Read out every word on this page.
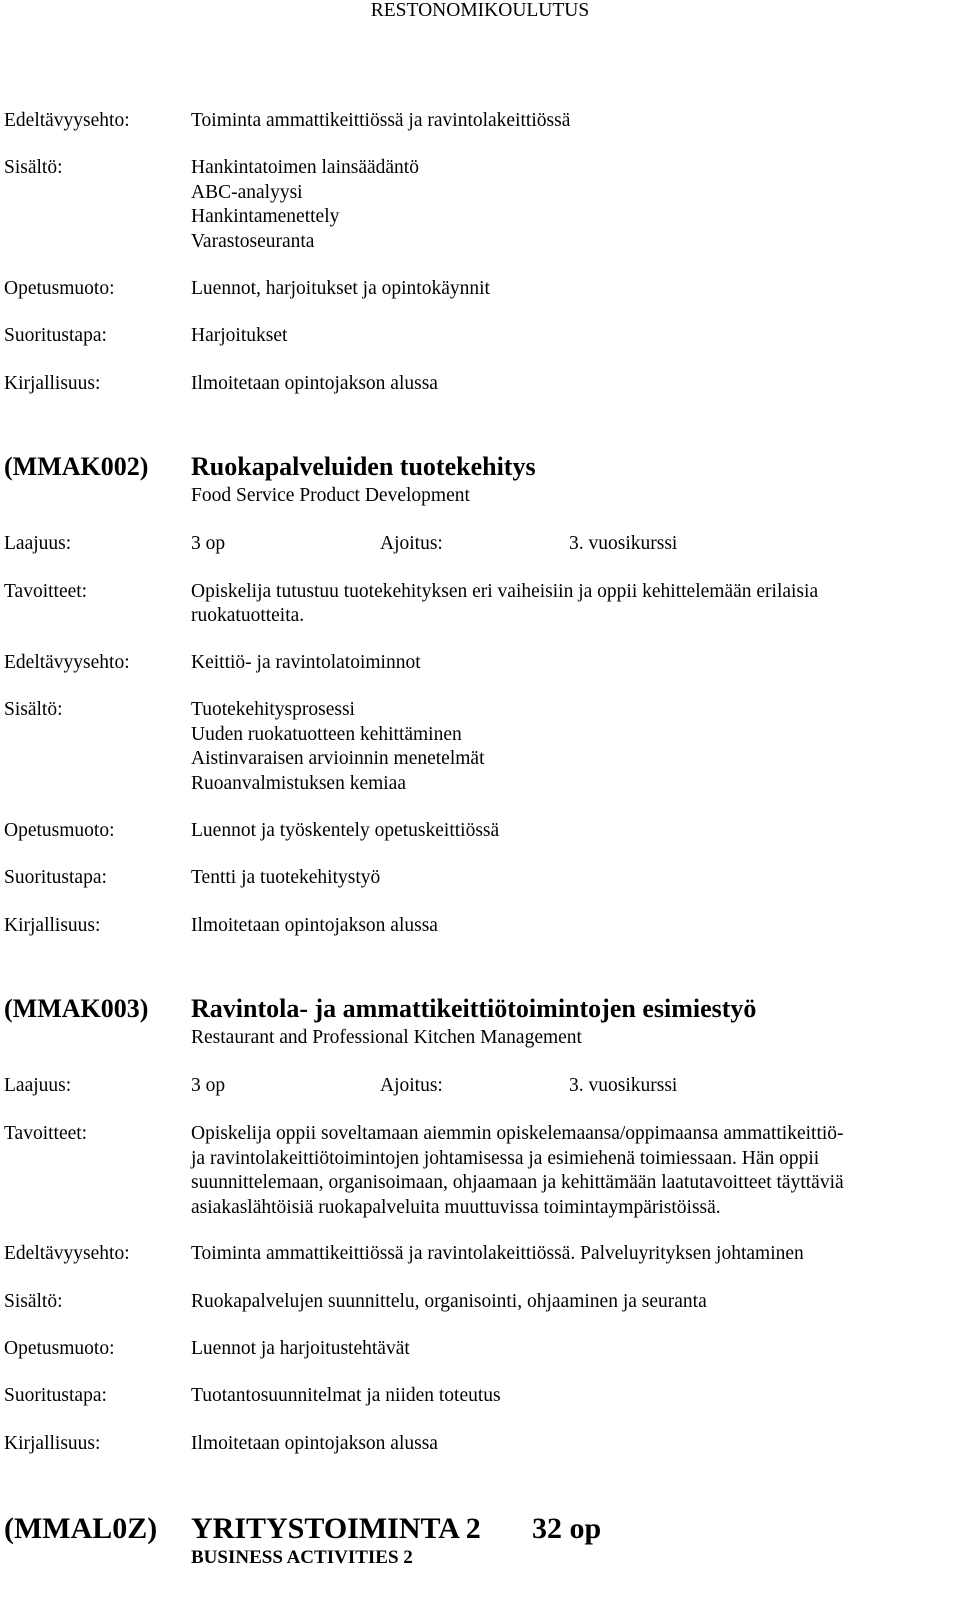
RESTONOMIKOULUTUS
Edeltävyysehto:	Toiminta ammattikeittiössä ja ravintolakeittiössä
Sisältö:	Hankintatoimen lainsäädäntö
ABC-analyysi
Hankintamenettely
Varastoseuranta
Opetusmuoto:	Luennot, harjoitukset ja opintokäynnit
Suoritustapa:	Harjoitukset
Kirjallisuus:	Ilmoitetaan opintojakson alussa
(MMAK002) Ruokapalveluiden tuotekehitys
Food Service Product Development
Laajuus:	3 op	Ajoitus:	3. vuosikurssi
Tavoitteet:	Opiskelija tutustuu tuotekehityksen eri vaiheisiin ja oppii kehittelemään erilaisia ruokatuotteita.
Edeltävyysehto:	Keittiö- ja ravintolatoiminnot
Sisältö:	Tuotekehitysprosessi
Uuden ruokatuotteen kehittäminen
Aistinvaraisen arvioinnin menetelmät
Ruoanvalmistuksen kemiaa
Opetusmuoto:	Luennot ja työskentely opetuskeittiössä
Suoritustapa:	Tentti ja tuotekehitystyö
Kirjallisuus:	Ilmoitetaan opintojakson alussa
(MMAK003) Ravintola- ja ammattikeittiötoimintojen esimiestyö
Restaurant and Professional Kitchen Management
Laajuus:	3 op	Ajoitus:	3. vuosikurssi
Tavoitteet:	Opiskelija oppii soveltamaan aiemmin opiskelemaansa/oppimaansa ammattikeittiö-
ja ravintolakeittiötoimintojen johtamisessa ja esimiehenä toimiessaan. Hän oppii
suunnittelemaan, organisoimaan, ohjaamaan ja kehittämään laatutavoitteet täyttäviä
asiakaslähtöisiä ruokapalveluita muuttuvissa toimintaympäristöissä.
Edeltävyysehto:	Toiminta ammattikeittiössä ja ravintolakeittiössä. Palveluyrityksen johtaminen
Sisältö:	Ruokapalvelujen suunnittelu, organisointi, ohjaaminen ja seuranta
Opetusmuoto:	Luennot ja harjoitustehtävät
Suoritustapa:	Tuotantosuunnitelmat ja niiden toteutus
Kirjallisuus:	Ilmoitetaan opintojakson alussa
(MMAL0Z) YRITYSTOIMINTA 2 32 op
BUSINESS ACTIVITIES 2
